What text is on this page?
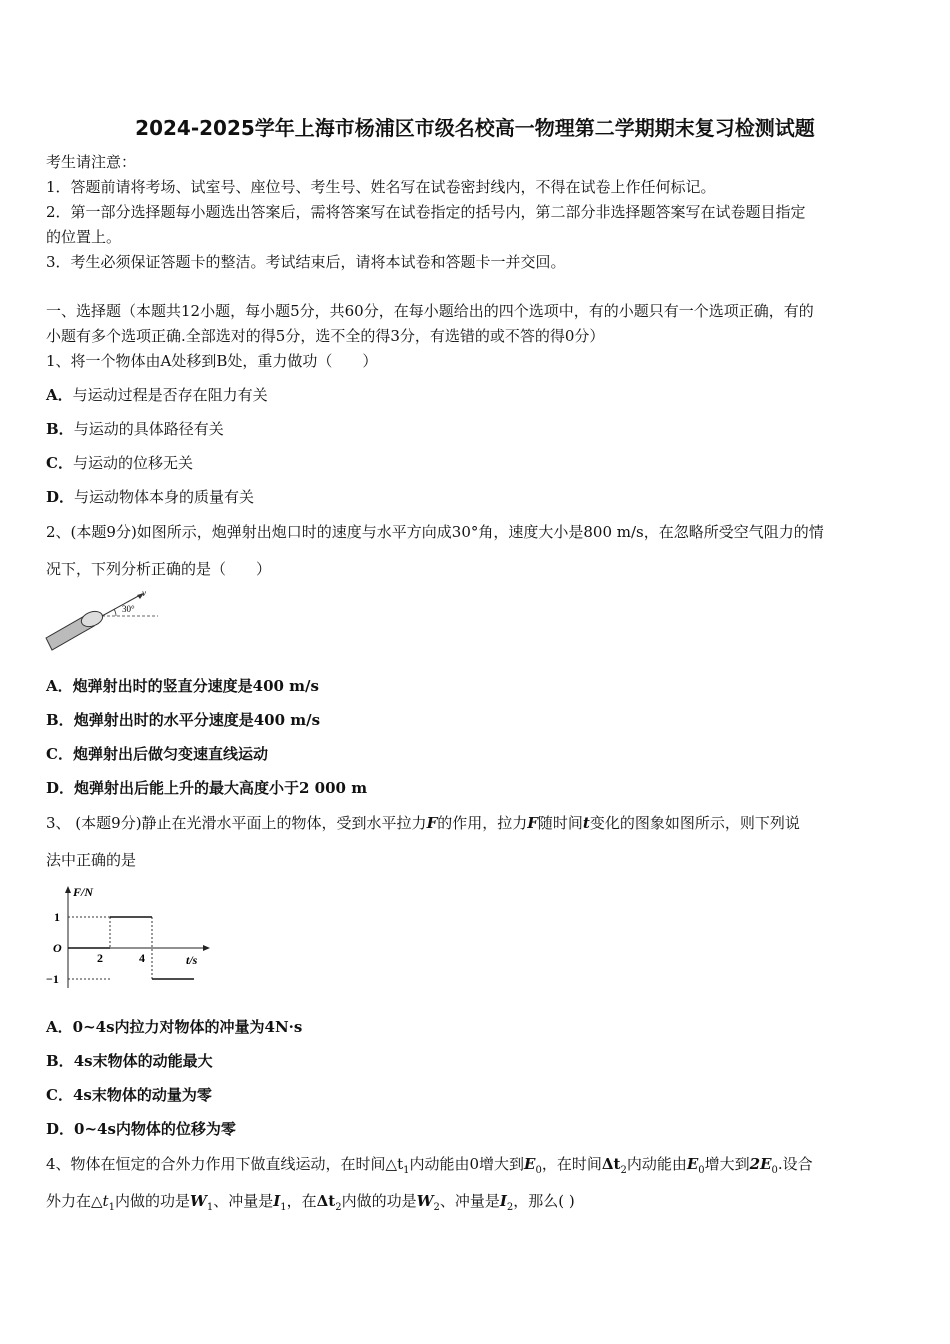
2024-2025学年上海市杨浦区市级名校高一物理第二学期期末复习检测试题
考生请注意：
1．答题前请将考场、试室号、座位号、考生号、姓名写在试卷密封线内，不得在试卷上作任何标记。
2．第一部分选择题每小题选出答案后，需将答案写在试卷指定的括号内，第二部分非选择题答案写在试卷题目指定
的位置上。
3．考生必须保证答题卡的整洁。考试结束后，请将本试卷和答题卡一并交回。
一、选择题（本题共12小题，每小题5分，共60分，在每小题给出的四个选项中，有的小题只有一个选项正确，有的
小题有多个选项正确.全部选对的得5分，选不全的得3分，有选错的或不答的得0分）
1、将一个物体由A处移到B处，重力做功（　　）
A．与运动过程是否存在阻力有关
B．与运动的具体路径有关
C．与运动的位移无关
D．与运动物体本身的质量有关
2、(本题9分)如图所示，炮弹射出炮口时的速度与水平方向成30°角，速度大小是800 m/s，在忽略所受空气阻力的情
况下，下列分析正确的是（　　）
30°
v
A．炮弹射出时的竖直分速度是400 m/s
B．炮弹射出时的水平分速度是400 m/s
C．炮弹射出后做匀变速直线运动
D．炮弹射出后能上升的最大高度小于2 000 m
3、 (本题9分)静止在光滑水平面上的物体，受到水平拉力F的作用，拉力F随时间t变化的图象如图所示，则下列说
法中正确的是
F/N
t/s
1
O
−1
2	4
A．0~4s内拉力对物体的冲量为4N·s
B．4s末物体的动能最大
C．4s末物体的动量为零
D．0~4s内物体的位移为零
4、物体在恒定的合外力作用下做直线运动，在时间$\triangle t_1$内动能由0增大到$E_0$，在时间$\Delta t_2$内动能由$E_0$增大到$2E_0$.设合
外力在$\triangle t_1$内做的功是$W_1$、冲量是$I_1$，在$\Delta t_2$内做的功是$W_2$、冲量是$I_2$，那么( )
